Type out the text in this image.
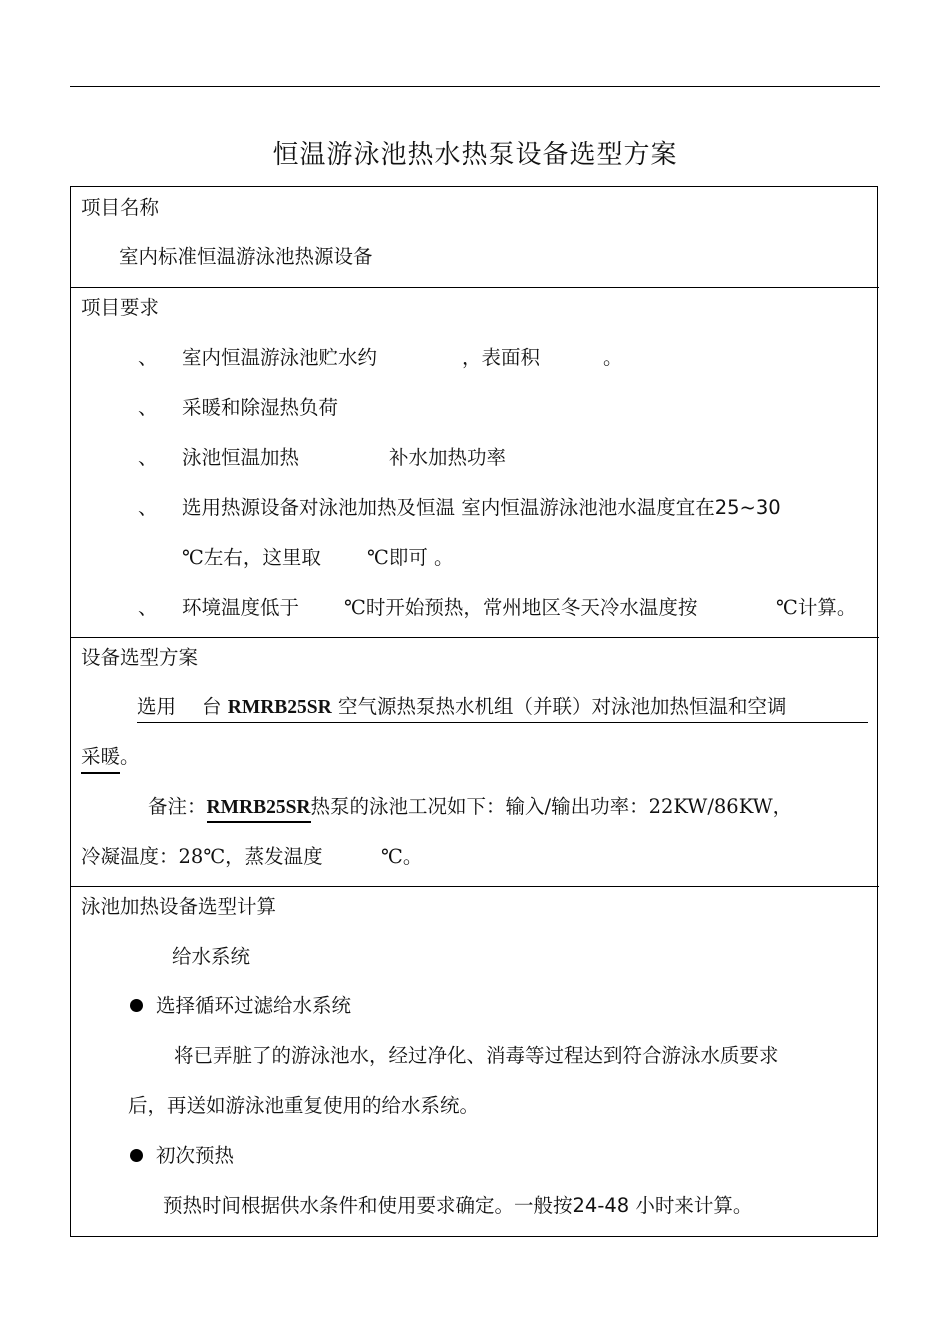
恒温游泳池热水热泵设备选型方案
项目名称
室内标准恒温游泳池热源设备
项目要求
、 室内恒温游泳池贮水约	，表面积	。
、 采暖和除湿热负荷
、 泳池恒温加热	补水加热功率
、 选用热源设备对泳池加热及恒温 室内恒温游泳池池水温度宜在25~30
℃左右，这里取 ℃即可 。
、 环境温度低于 ℃时开始预热，常州地区冬天冷水温度按	℃计算。
设备选型方案
选用 台 RMRB25SR 空气源热泵热水机组（并联）对泳池加热恒温和空调
采暖。
备注：RMRB25SR热泵的泳池工况如下：输入/输出功率：22KW/86KW，
冷凝温度：28℃，蒸发温度	℃。
泳池加热设备选型计算
给水系统
选择循环过滤给水系统
将已弄脏了的游泳池水，经过净化、消毒等过程达到符合游泳水质要求
后，再送如游泳池重复使用的给水系统。
初次预热
预热时间根据供水条件和使用要求确定。一般按24-48 小时来计算。
